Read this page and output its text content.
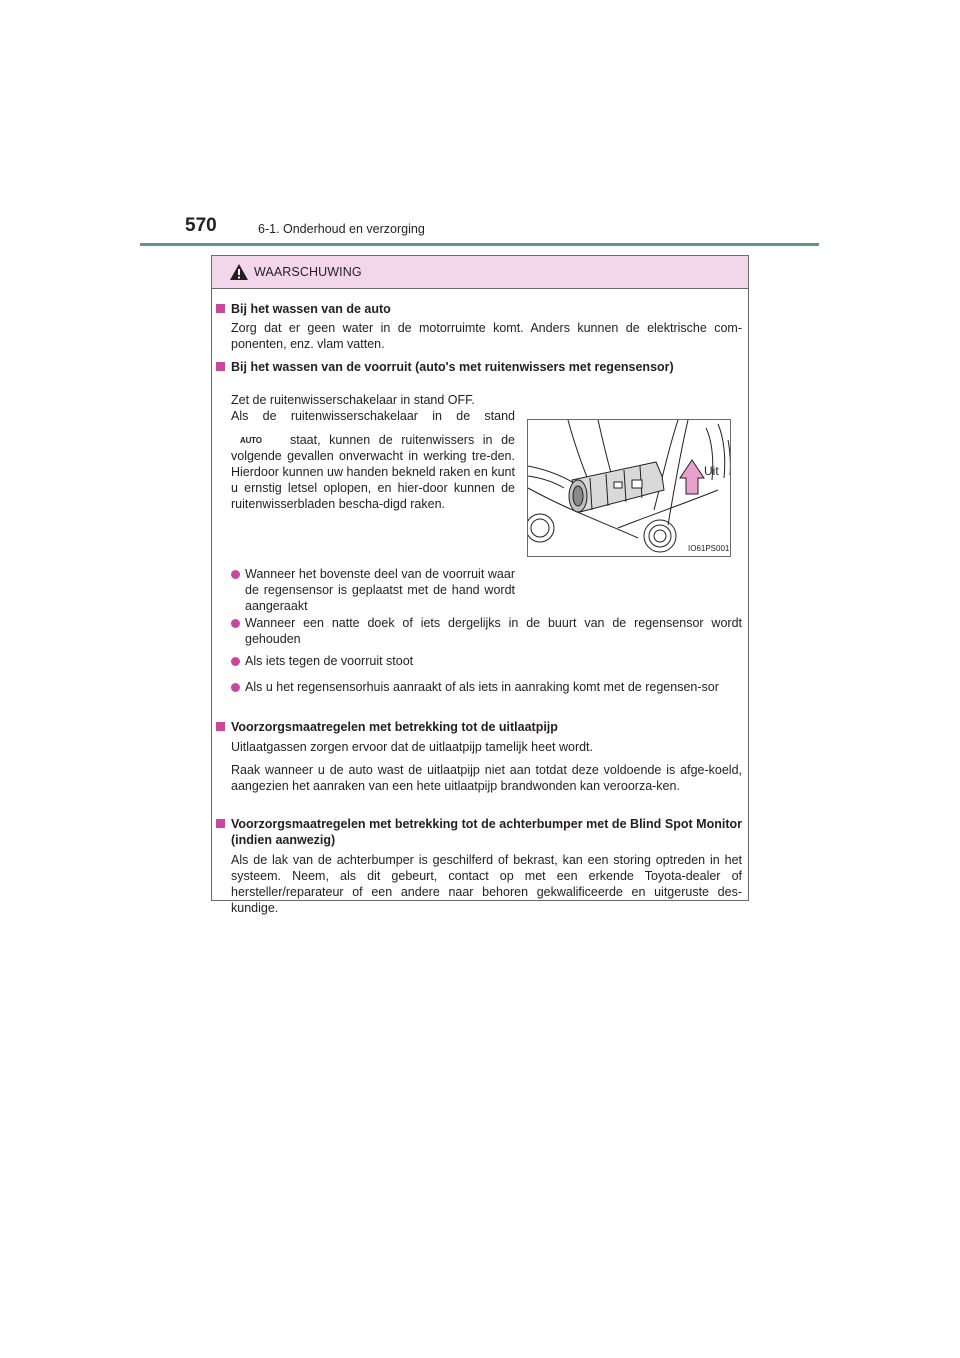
570	6-1. Onderhoud en verzorging
WAARSCHUWING
Bij het wassen van de auto
Zorg dat er geen water in de motorruimte komt. Anders kunnen de elektrische com-ponenten, enz. vlam vatten.
Bij het wassen van de voorruit (auto's met ruitenwissers met regensensor)
Zet de ruitenwisserschakelaar in stand OFF.
Als de ruitenwisserschakelaar in de stand
staat, kunnen de ruitenwissers in de volgende gevallen onverwacht in werking tre-den. Hierdoor kunnen uw handen bekneld raken en kunt u ernstig letsel oplopen, en hier-door kunnen de ruitenwisserbladen bescha-digd raken.
AUTO
Wanneer het bovenste deel van de voorruit waar de regensensor is geplaatst met de hand wordt aangeraakt
Wanneer een natte doek of iets dergelijks in de buurt van de regensensor wordt gehouden
Als iets tegen de voorruit stoot
Als u het regensensorhuis aanraakt of als iets in aanraking komt met de regensen-sor
Uit
IO61PS001
Voorzorgsmaatregelen met betrekking tot de uitlaatpijp
Uitlaatgassen zorgen ervoor dat de uitlaatpijp tamelijk heet wordt.
Raak wanneer u de auto wast de uitlaatpijp niet aan totdat deze voldoende is afge-koeld, aangezien het aanraken van een hete uitlaatpijp brandwonden kan veroorza-ken.
Voorzorgsmaatregelen met betrekking tot de achterbumper met de Blind Spot Monitor (indien aanwezig)
Als de lak van de achterbumper is geschilferd of bekrast, kan een storing optreden in het systeem. Neem, als dit gebeurt, contact op met een erkende Toyota-dealer of hersteller/reparateur of een andere naar behoren gekwalificeerde en uitgeruste des-kundige.
